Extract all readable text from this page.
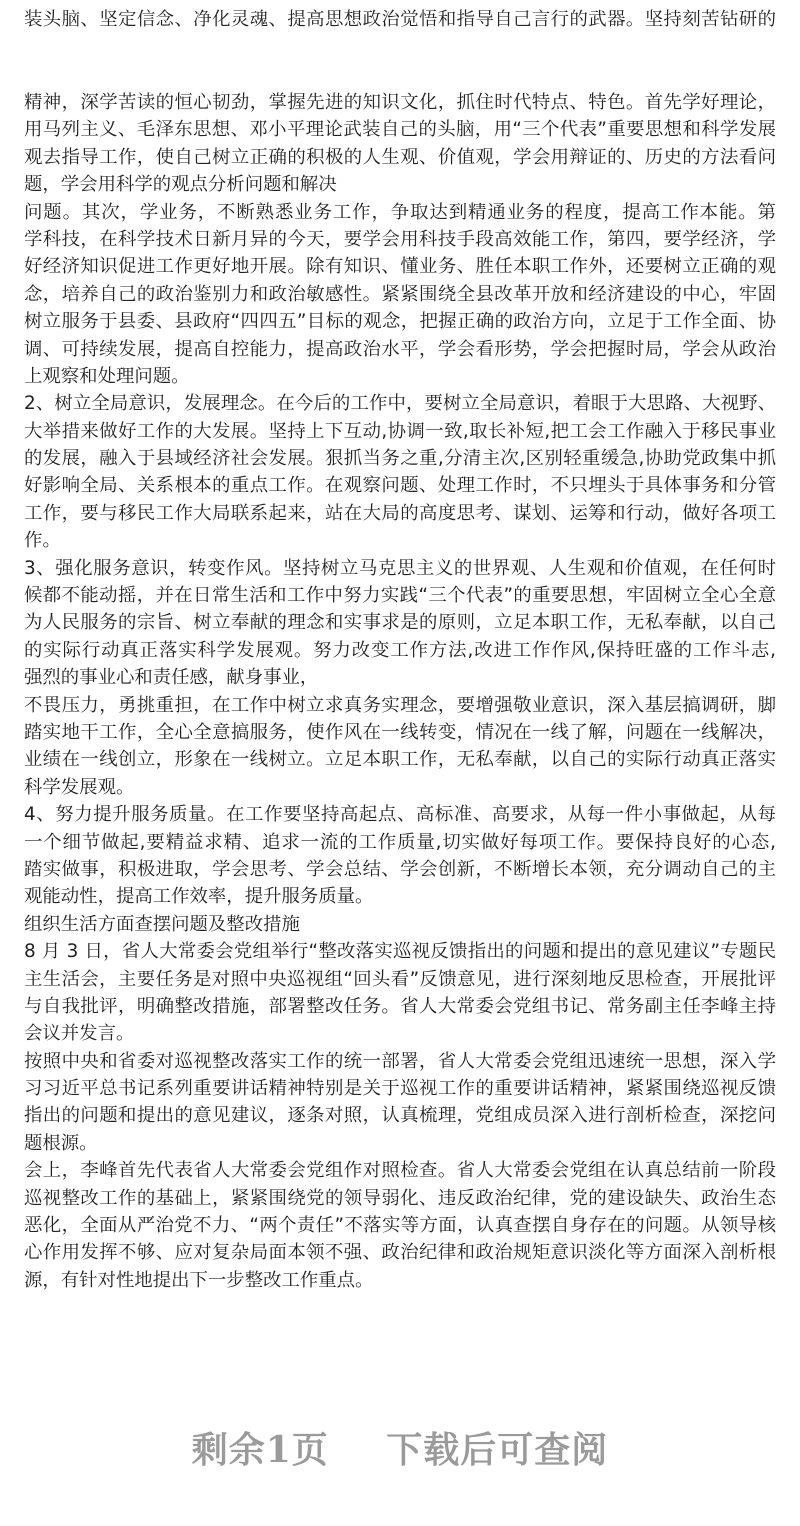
装头脑、坚定信念、净化灵魂、提高思想政治觉悟和指导自己言行的武器。坚持刻苦钻研的
精神，深学苦读的恒心韧劲，掌握先进的知识文化，抓住时代特点、特色。首先学好理论，
用马列主义、毛泽东思想、邓小平理论武装自己的头脑，用“三个代表”重要思想和科学发展
观去指导工作，使自己树立正确的积极的人生观、价值观，学会用辩证的、历史的方法看问
题，学会用科学的观点分析问题和解决
问题。其次，学业务，不断熟悉业务工作，争取达到精通业务的程度，提高工作本能。第
学科技，在科学技术日新月异的今天，要学会用科技手段高效能工作，第四，要学经济，学
好经济知识促进工作更好地开展。除有知识、懂业务、胜任本职工作外，还要树立正确的观
念，培养自己的政治鉴别力和政治敏感性。紧紧围绕全县改革开放和经济建设的中心，牢固
树立服务于县委、县政府“四四五”目标的观念，把握正确的政治方向，立足于工作全面、协
调、可持续发展，提高自控能力，提高政治水平，学会看形势，学会把握时局，学会从政治
上观察和处理问题。
2、树立全局意识，发展理念。在今后的工作中，要树立全局意识，着眼于大思路、大视野、
大举措来做好工作的大发展。坚持上下互动,协调一致,取长补短,把工会工作融入于移民事业
的发展，融入于县域经济社会发展。狠抓当务之重,分清主次,区别轻重缓急,协助党政集中抓
好影响全局、关系根本的重点工作。在观察问题、处理工作时，不只埋头于具体事务和分管
工作，要与移民工作大局联系起来，站在大局的高度思考、谋划、运筹和行动，做好各项工
作。
3、强化服务意识，转变作风。坚持树立马克思主义的世界观、人生观和价值观，在任何时
候都不能动摇，并在日常生活和工作中努力实践“三个代表”的重要思想，牢固树立全心全意
为人民服务的宗旨、树立奉献的理念和实事求是的原则，立足本职工作，无私奉献，以自己
的实际行动真正落实科学发展观。努力改变工作方法,改进工作作风,保持旺盛的工作斗志,
强烈的事业心和责任感，献身事业，
不畏压力，勇挑重担，在工作中树立求真务实理念，要增强敬业意识，深入基层搞调研，脚
踏实地干工作，全心全意搞服务，使作风在一线转变，情况在一线了解，问题在一线解决，
业绩在一线创立，形象在一线树立。立足本职工作，无私奉献，以自己的实际行动真正落实
科学发展观。
4、努力提升服务质量。在工作要坚持高起点、高标准、高要求，从每一件小事做起，从每
一个细节做起,要精益求精、追求一流的工作质量,切实做好每项工作。要保持良好的心态,
踏实做事，积极进取，学会思考、学会总结、学会创新，不断增长本领，充分调动自己的主
观能动性，提高工作效率，提升服务质量。
组织生活方面查摆问题及整改措施
8 月 3 日，省人大常委会党组举行“整改落实巡视反馈指出的问题和提出的意见建议”专题民
主生活会，主要任务是对照中央巡视组“回头看”反馈意见，进行深刻地反思检查，开展批评
与自我批评，明确整改措施，部署整改任务。省人大常委会党组书记、常务副主任李峰主持
会议并发言。
按照中央和省委对巡视整改落实工作的统一部署，省人大常委会党组迅速统一思想，深入学
习习近平总书记系列重要讲话精神特别是关于巡视工作的重要讲话精神，紧紧围绕巡视反馈
指出的问题和提出的意见建议，逐条对照，认真梳理，党组成员深入进行剖析检查，深挖问
题根源。
会上，李峰首先代表省人大常委会党组作对照检查。省人大常委会党组在认真总结前一阶段
巡视整改工作的基础上，紧紧围绕党的领导弱化、违反政治纪律，党的建设缺失、政治生态
恶化，全面从严治党不力、“两个责任”不落实等方面，认真查摆自身存在的问题。从领导核
心作用发挥不够、应对复杂局面本领不强、政治纪律和政治规矩意识淡化等方面深入剖析根
源，有针对性地提出下一步整改工作重点。
剩余1页 下载后可查阅
